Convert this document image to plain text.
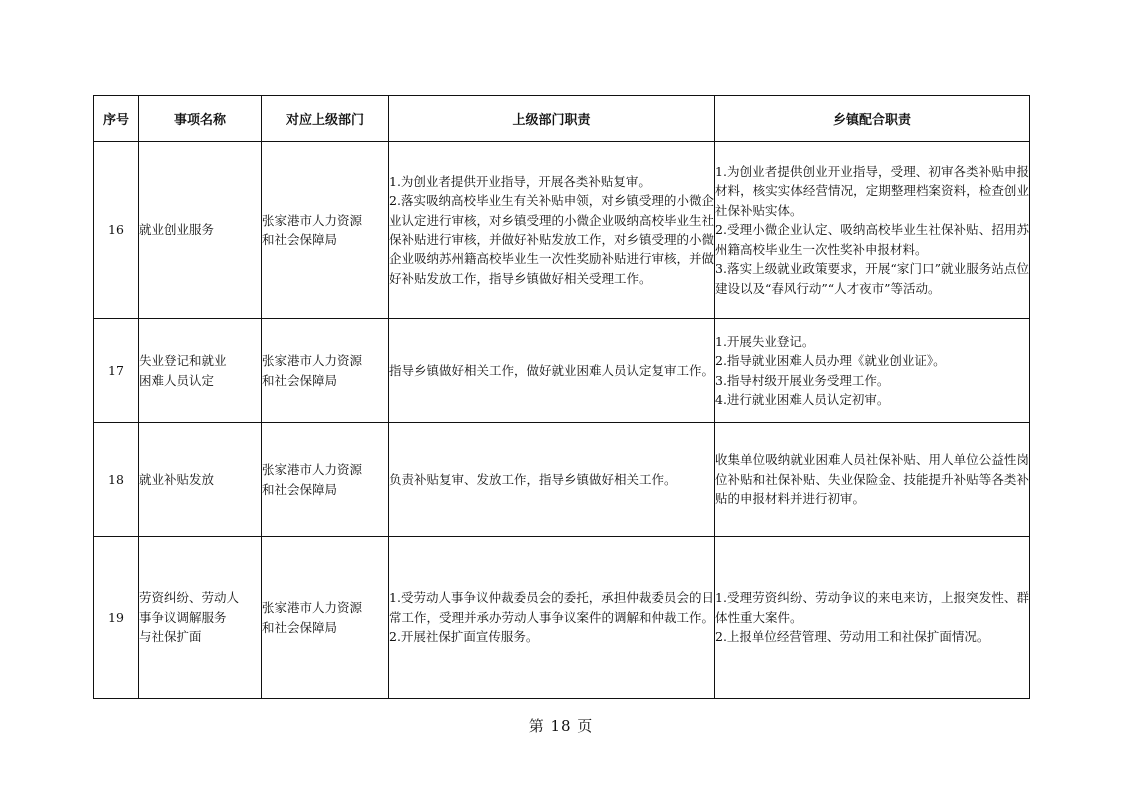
序号	事项名称	对应上级部门	上级部门职责	乡镇配合职责
16	就业创业服务	张家港市人力资源
和社会保障局	1.为创业者提供开业指导，开展各类补贴复审。
2.落实吸纳高校毕业生有关补贴申领，对乡镇受理的小微企业认定进行审核，对乡镇受理的小微企业吸纳高校毕业生社保补贴进行审核，并做好补贴发放工作，对乡镇受理的小微企业吸纳苏州籍高校毕业生一次性奖励补贴进行审核，并做好补贴发放工作，指导乡镇做好相关受理工作。	1.为创业者提供创业开业指导，受理、初审各类补贴申报材料，核实实体经营情况，定期整理档案资料，检查创业社保补贴实体。
2.受理小微企业认定、吸纳高校毕业生社保补贴、招用苏州籍高校毕业生一次性奖补申报材料。
3.落实上级就业政策要求，开展“家门口”就业服务站点位建设以及“春风行动”“人才夜市”等活动。

17	失业登记和就业
困难人员认定	张家港市人力资源
和社会保障局	指导乡镇做好相关工作，做好就业困难人员认定复审工作。	1.开展失业登记。
2.指导就业困难人员办理《就业创业证》。
3.指导村级开展业务受理工作。
4.进行就业困难人员认定初审。

18	就业补贴发放	张家港市人力资源
和社会保障局	负责补贴复审、发放工作，指导乡镇做好相关工作。	收集单位吸纳就业困难人员社保补贴、用人单位公益性岗位补贴和社保补贴、失业保险金、技能提升补贴等各类补贴的申报材料并进行初审。

19	劳资纠纷、劳动人
事争议调解服务
与社保扩面	张家港市人力资源
和社会保障局	1.受劳动人事争议仲裁委员会的委托，承担仲裁委员会的日常工作，受理并承办劳动人事争议案件的调解和仲裁工作。
2.开展社保扩面宣传服务。	1.受理劳资纠纷、劳动争议的来电来访，上报突发性、群体性重大案件。
2.上报单位经营管理、劳动用工和社保扩面情况。
第 18 页
